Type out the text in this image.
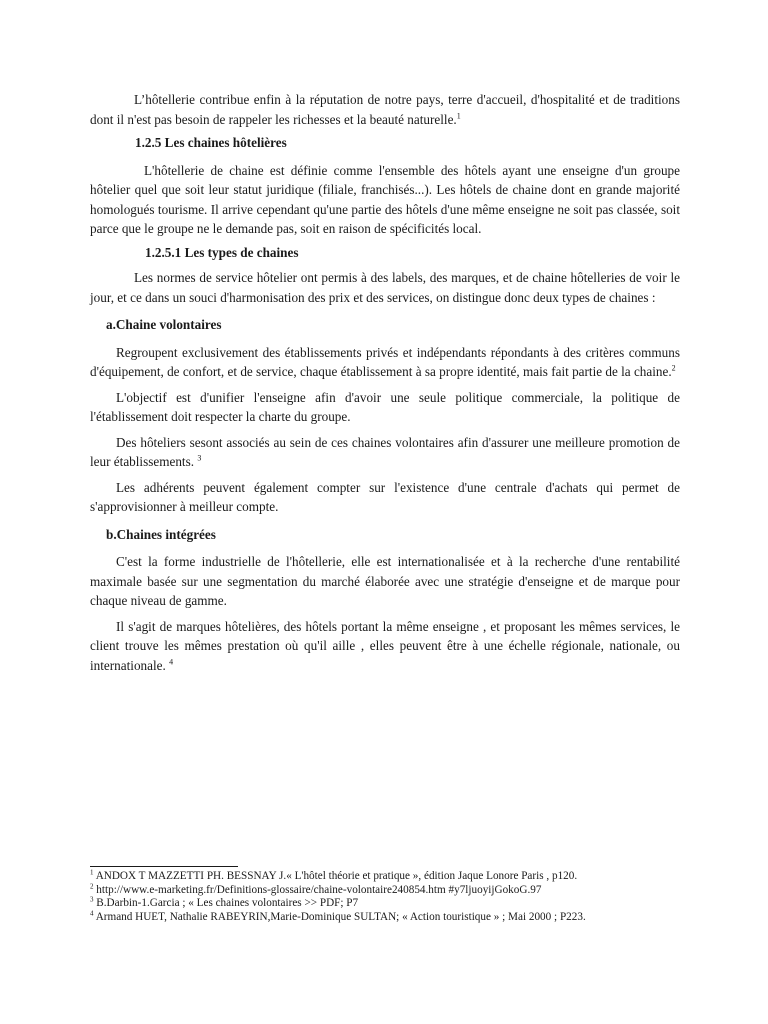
L’hôtellerie contribue enfin à la réputation de notre pays, terre d'accueil, d'hospitalité et de traditions dont il n'est pas besoin de rappeler les richesses et la beauté naturelle.$^1$

1.2.5 Les chaines hôtelières

L'hôtellerie de chaine est définie comme l'ensemble des hôtels ayant une enseigne d'un groupe hôtelier quel que soit leur statut juridique (filiale, franchisés...). Les hôtels de chaine dont en grande majorité homologués tourisme. Il arrive cependant qu'une partie des hôtels d'une même enseigne ne soit pas classée, soit parce que le groupe ne le demande pas, soit en raison de spécificités local.

1.2.5.1 Les types de chaines

Les normes de service hôtelier ont permis à des labels, des marques, et de chaine hôtelleries de voir le jour, et ce dans un souci d'harmonisation des prix et des services, on distingue donc deux types de chaines :

a.Chaine volontaires

Regroupent exclusivement des établissements privés et indépendants répondants à des critères communs d'équipement, de confort, et de service, chaque établissement à sa propre identité, mais fait partie de la chaine.$^2$

L'objectif est d'unifier l'enseigne afin d'avoir une seule politique commerciale, la politique de l'établissement doit respecter la charte du groupe.

Des hôteliers sesont associés au sein de ces chaines volontaires afin d'assurer une meilleure promotion de leur établissements. $^3$

Les adhérents peuvent également compter sur l'existence d'une centrale d'achats qui permet de s'approvisionner à meilleur compte.

b.Chaines intégrées

C'est la forme industrielle de l'hôtellerie, elle est internationalisée et à la recherche d'une rentabilité maximale basée sur une segmentation du marché élaborée avec une stratégie d'enseigne et de marque pour chaque niveau de gamme.

Il s'agit de marques hôtelières, des hôtels portant la même enseigne , et proposant les mêmes services, le client trouve les mêmes prestation où qu'il aille , elles peuvent être à une échelle régionale, nationale, ou internationale. $^4$

$^1$ ANDOX T MAZZETTI PH. BESSNAY J.« L'hôtel théorie et pratique », édition Jaque Lonore Paris , p120.
$^2$ http://www.e-marketing.fr/Definitions-glossaire/chaine-volontaire240854.htm #y7ljuoyijGokoG.97
$^3$ B.Darbin-1.Garcia ; « Les chaines volontaires >> PDF; P7
$^4$ Armand HUET, Nathalie RABEYRIN,Marie-Dominique SULTAN; « Action touristique » ; Mai 2000 ; P223.
